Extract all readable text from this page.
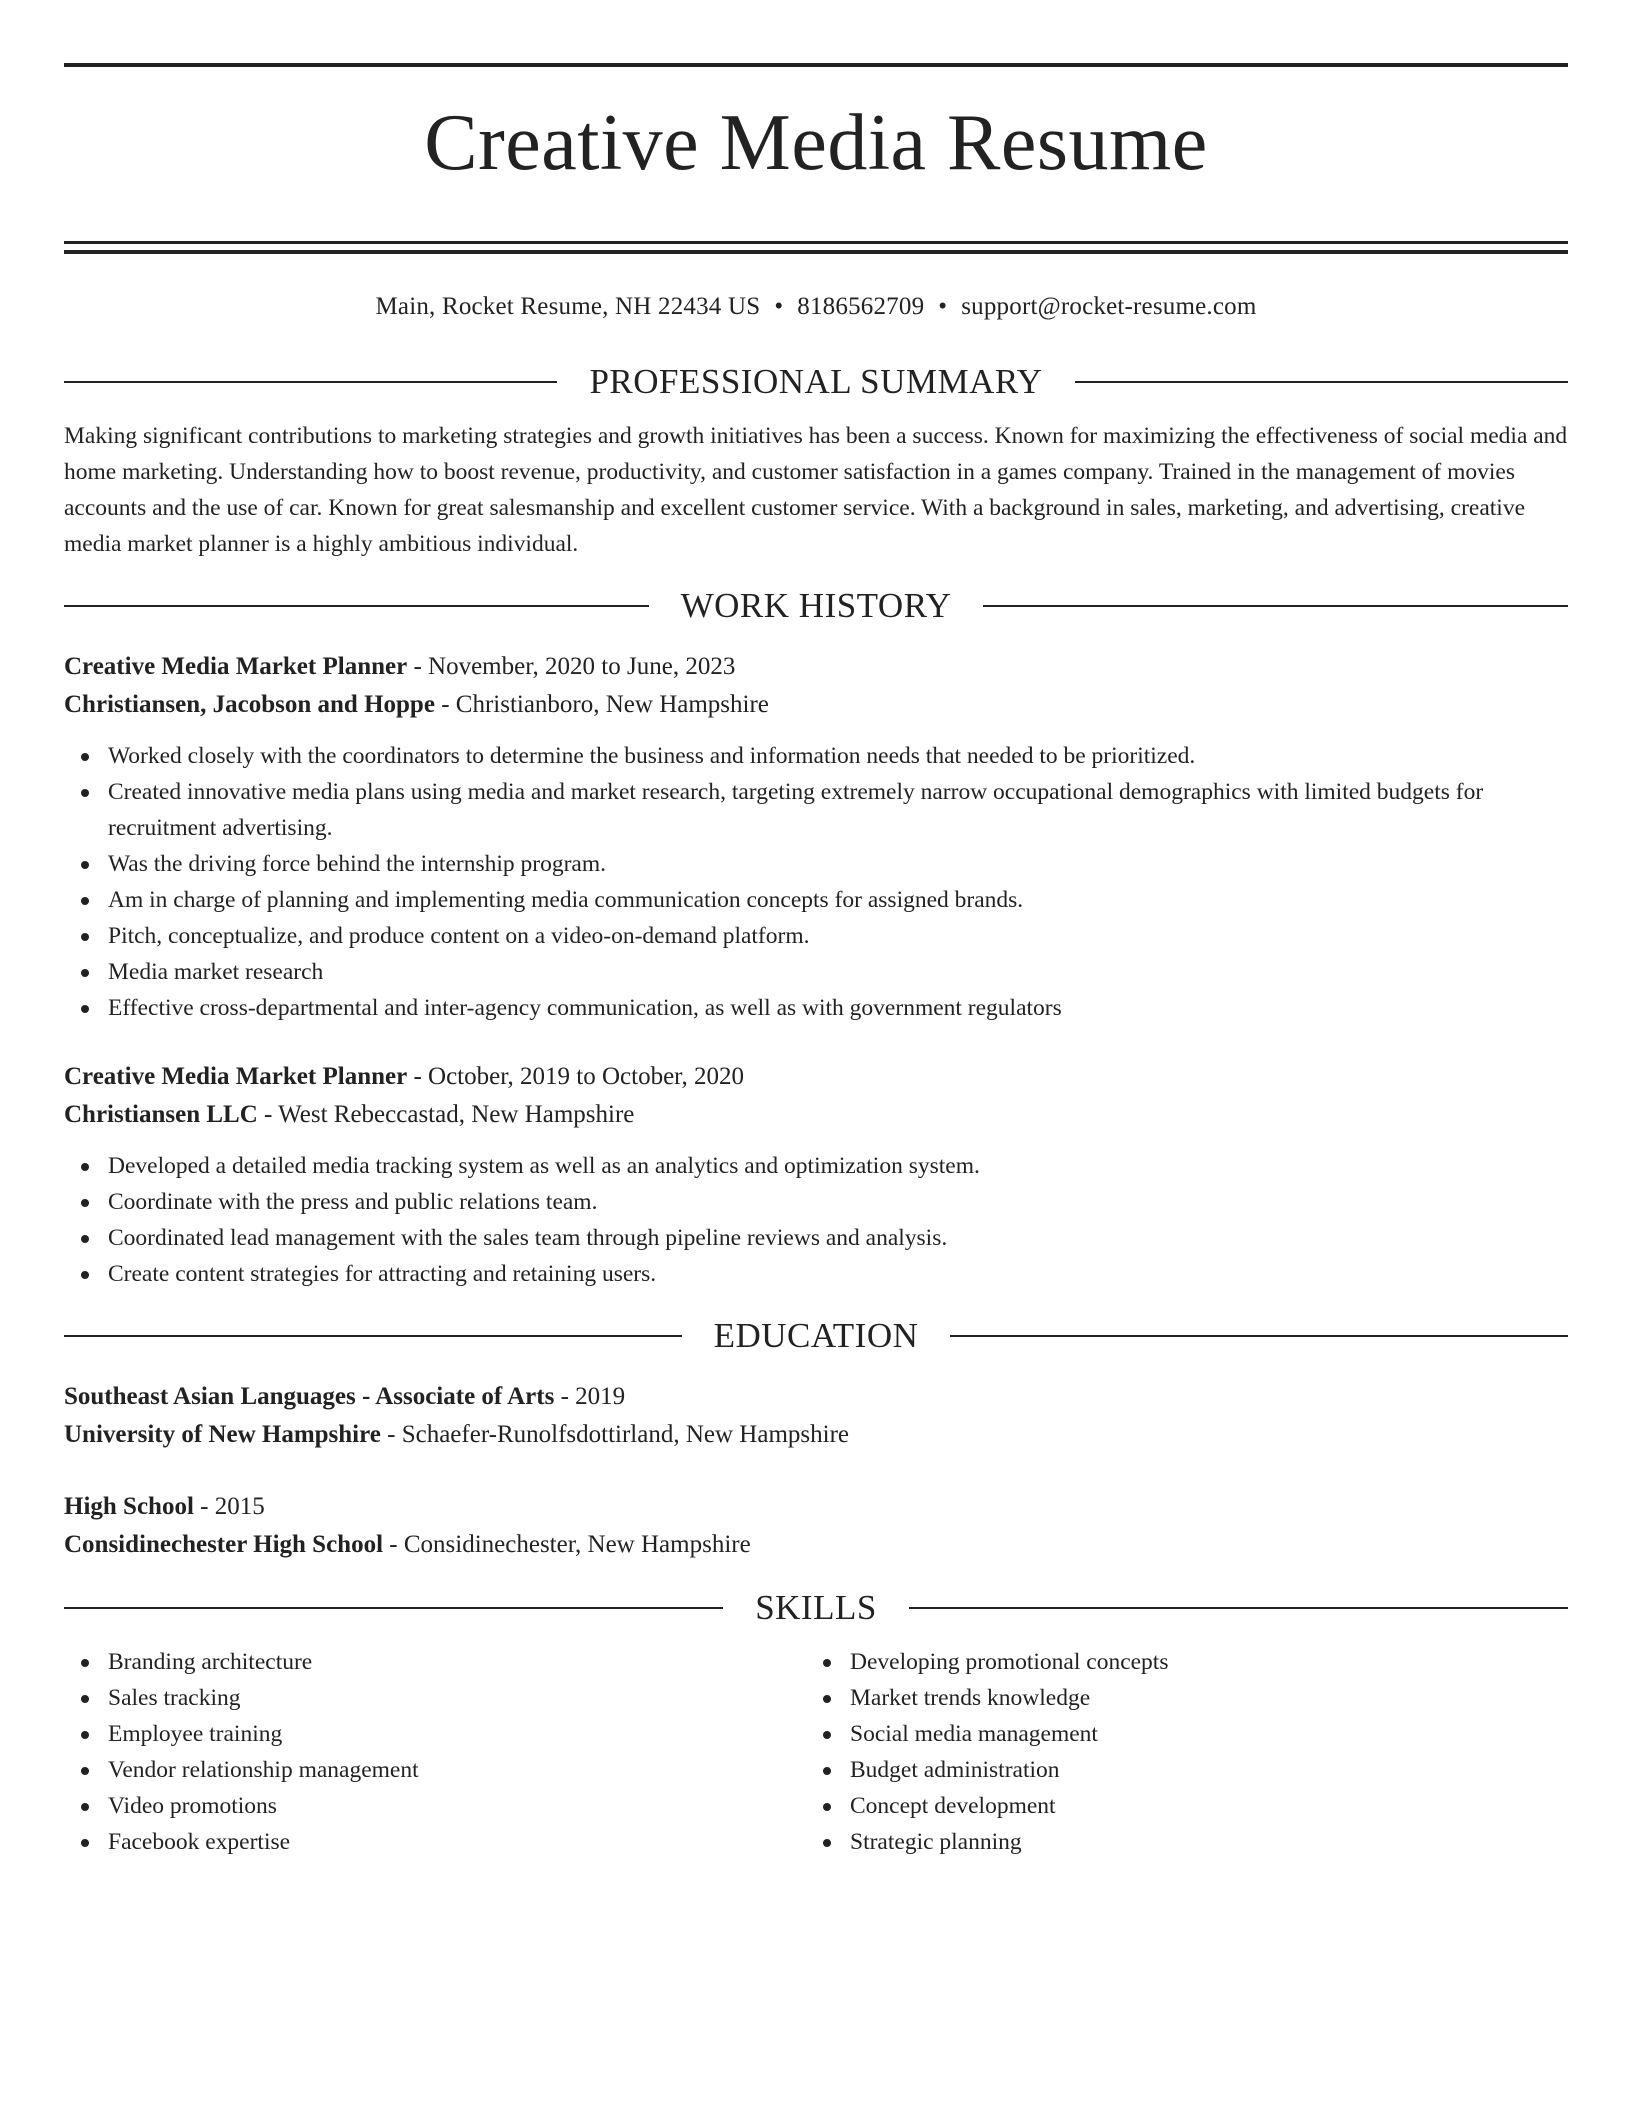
Creative Media Resume
Main, Rocket Resume, NH 22434 US • 8186562709 • support@rocket-resume.com
PROFESSIONAL SUMMARY
Making significant contributions to marketing strategies and growth initiatives has been a success. Known for maximizing the effectiveness of social media and home marketing. Understanding how to boost revenue, productivity, and customer satisfaction in a games company. Trained in the management of movies accounts and the use of car. Known for great salesmanship and excellent customer service. With a background in sales, marketing, and advertising, creative media market planner is a highly ambitious individual.
WORK HISTORY
Creative Media Market Planner - November, 2020 to June, 2023
Christiansen, Jacobson and Hoppe - Christianboro, New Hampshire
Worked closely with the coordinators to determine the business and information needs that needed to be prioritized.
Created innovative media plans using media and market research, targeting extremely narrow occupational demographics with limited budgets for recruitment advertising.
Was the driving force behind the internship program.
Am in charge of planning and implementing media communication concepts for assigned brands.
Pitch, conceptualize, and produce content on a video-on-demand platform.
Media market research
Effective cross-departmental and inter-agency communication, as well as with government regulators
Creative Media Market Planner - October, 2019 to October, 2020
Christiansen LLC - West Rebeccastad, New Hampshire
Developed a detailed media tracking system as well as an analytics and optimization system.
Coordinate with the press and public relations team.
Coordinated lead management with the sales team through pipeline reviews and analysis.
Create content strategies for attracting and retaining users.
EDUCATION
Southeast Asian Languages - Associate of Arts - 2019
University of New Hampshire - Schaefer-Runolfsdottirland, New Hampshire
High School - 2015
Considinechester High School - Considinechester, New Hampshire
SKILLS
Branding architecture
Sales tracking
Employee training
Vendor relationship management
Video promotions
Facebook expertise
Developing promotional concepts
Market trends knowledge
Social media management
Budget administration
Concept development
Strategic planning
